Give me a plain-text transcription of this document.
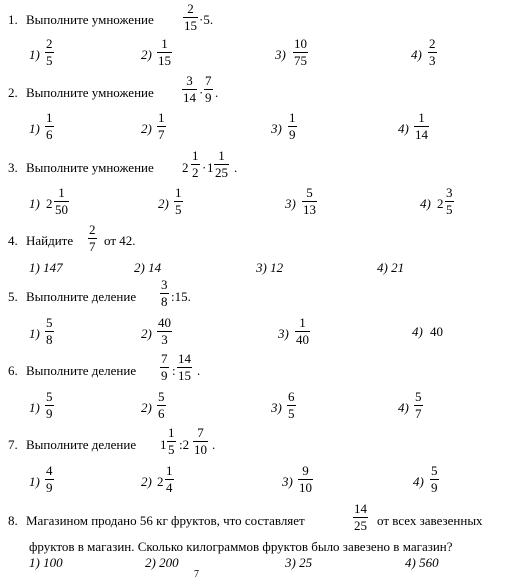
1. Выполните умножение
2
15 ·5.
1)
2
5	2)
1
15	3)
10
75	4)
2
3
2. Выполните умножение
3
14 ·
7
9 .
1)
1
6	2)
1
7	3)
1
9	4)
1
14
3. Выполните умножение 2
1
2 · 1
1
25 .
1) 2
1
50	2)
1
5	3)
5
13	4) 2
3
5
4. Найдите
2
7 от 42.
1) 147	2) 14	3) 12	4) 21
5. Выполните деление
3
8 :15.
1)
5
8	2)
40
3	3)
1
40
4) 40
6. Выполните деление
7
9 :
14
15 .
1)
5
9	2)
5
6	3)
6
5	4)
5
7
7. Выполните деление 1
1
5 :2
7
10 .
1)
4
9	2) 2
1
4	3)
9
10	4)
5
9
8. Магазином продано 56 кг фруктов, что составляет
14
25 от всех завезенных
фруктов в магазин. Сколько килограммов фруктов было завезено в магазин?
1) 100	2) 200	3) 25	4) 560
7
